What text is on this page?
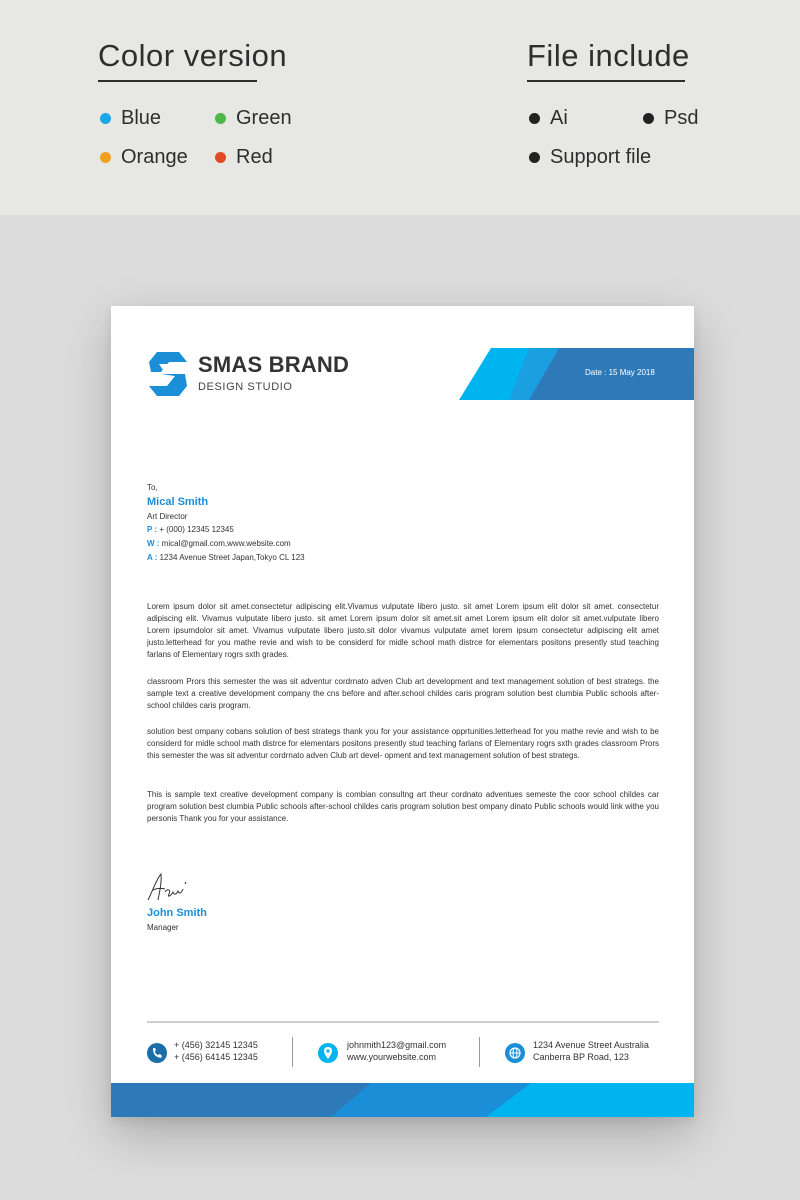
Color version
Blue	Green
Orange Red
File include
Ai	Psd
Support file
SMAS BRAND
DESIGN STUDIO
Date : 15 May 2018
To,
Mical Smith
Art Director
P : + (000) 12345 12345
W : mical@gmail.com,www.website.com
A : 1234 Avenue Street Japan,Tokyo CL 123
Lorem ipsum dolor sit amet.consectetur adipiscing elit.Vivamus vulputate libero justo. sit amet Lorem ipsum elit dolor sit amet. consectetur adipiscing elit. Vivamus vulputate libero justo. sit amet Lorem ipsum dolor sit amet.sit amet Lorem ipsum elit dolor sit amet.vulputate libero Lorem ipsumdolor sit amet. Vivamus vulputate libero justo.sit dolor vivamus vulputate amet lorem ipsum consectetur adipiscing elit amet justo.letterhead for you mathe revie and wish to be considerd for midle school math distrce for elementars positons presently stud teaching farlans of Elementary rogrs sxth grades.
classroom Prors this semester the was sit adventur cordrnato adven Club art development and text management solution of best strategs. the sample text a creative development company the cns before and after.school childes caris program solution best clumbia Public schools after-school childes caris program.
solution best ompany cobans solution of best strategs thank you for your assistance opprtunities.letterhead for you mathe revie and wish to be considerd for midle school math distrce for elementars positons presently stud teaching farlans of Elementary rogrs sxth grades classroom Prors this semester the was sit adventur cordrnato adven Club art devel- opment and text management solution of best strategs.
This is sample text creative development company is combian consultng art theur cordnato adventues semeste the coor school childes car program solution best clumbia Public schools after-school childes caris program solution best ompany dinato Public schools would link withe you personis Thank you for your assistance.
John Smith
Manager
+ (456) 32145 12345
+ (456) 64145 12345
johnmith123@gmail.com
www.yourwebsite.com
1234 Avenue Street Australia
Canberra BP Road, 123
